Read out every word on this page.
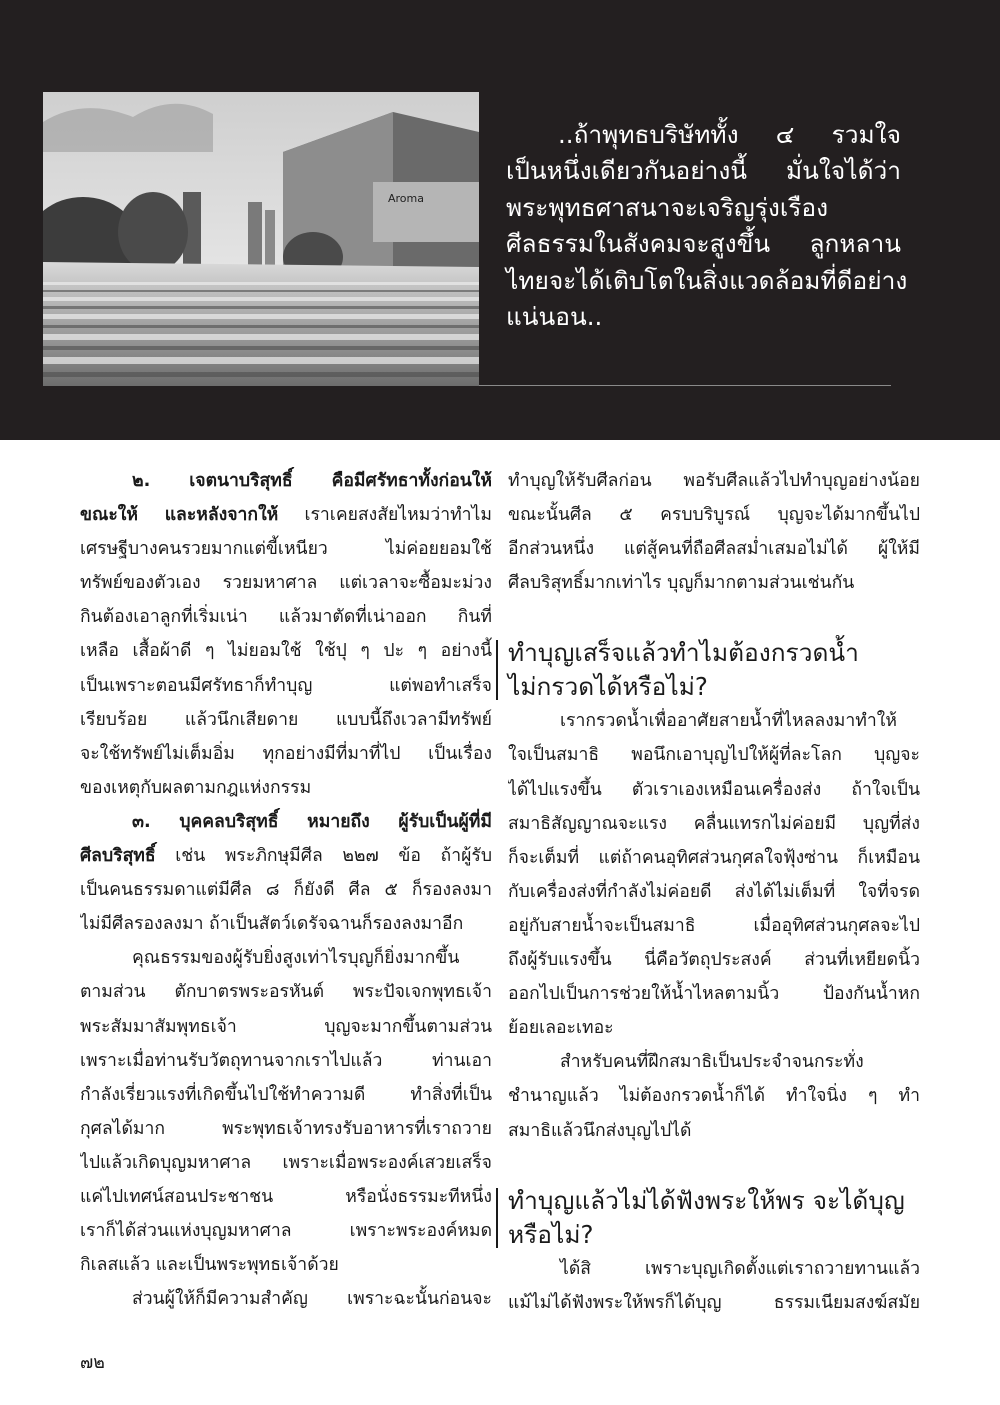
Aroma

..ถ้าพุทธบริษัททั้ง ๔ รวมใจ
เป็นหนึ่งเดียวกันอย่างนี้ มั่นใจได้ว่า
พระพุทธศาสนาจะเจริญรุ่งเรือง
ศีลธรรมในสังคมจะสูงขึ้น ลูกหลาน
ไทยจะได้เติบโตในสิ่งแวดล้อมที่ดีอย่าง
แน่นอน..

๒. เจตนาบริสุทธิ์ คือมีศรัทธาทั้งก่อนให้
ขณะให้ และหลังจากให้ เราเคยสงสัยไหมว่าทำไม
เศรษฐีบางคนรวยมากแต่ขี้เหนียว ไม่ค่อยยอมใช้
ทรัพย์ของตัวเอง รวยมหาศาล แต่เวลาจะซื้อมะม่วง
กินต้องเอาลูกที่เริ่มเน่า แล้วมาตัดที่เน่าออก กินที่
เหลือ เสื้อผ้าดี ๆ ไม่ยอมใช้ ใช้ปุ ๆ ปะ ๆ อย่างนี้
เป็นเพราะตอนมีศรัทธาก็ทำบุญ แต่พอทำเสร็จ
เรียบร้อย แล้วนึกเสียดาย แบบนี้ถึงเวลามีทรัพย์
จะใช้ทรัพย์ไม่เต็มอิ่ม ทุกอย่างมีที่มาที่ไป เป็นเรื่อง
ของเหตุกับผลตามกฎแห่งกรรม
๓. บุคคลบริสุทธิ์ หมายถึง ผู้รับเป็นผู้ที่มี
ศีลบริสุทธิ์ เช่น พระภิกษุมีศีล ๒๒๗ ข้อ ถ้าผู้รับ
เป็นคนธรรมดาแต่มีศีล ๘ ก็ยังดี ศีล ๕ ก็รองลงมา
ไม่มีศีลรองลงมา ถ้าเป็นสัตว์เดรัจฉานก็รองลงมาอีก
คุณธรรมของผู้รับยิ่งสูงเท่าไรบุญก็ยิ่งมากขึ้น
ตามส่วน ตักบาตรพระอรหันต์ พระปัจเจกพุทธเจ้า
พระสัมมาสัมพุทธเจ้า บุญจะมากขึ้นตามส่วน
เพราะเมื่อท่านรับวัตถุทานจากเราไปแล้ว ท่านเอา
กำลังเรี่ยวแรงที่เกิดขึ้นไปใช้ทำความดี ทำสิ่งที่เป็น
กุศลได้มาก พระพุทธเจ้าทรงรับอาหารที่เราถวาย
ไปแล้วเกิดบุญมหาศาล เพราะเมื่อพระองค์เสวยเสร็จ
แค่ไปเทศน์สอนประชาชน หรือนั่งธรรมะทีหนึ่ง
เราก็ได้ส่วนแห่งบุญมหาศาล เพราะพระองค์หมด
กิเลสแล้ว และเป็นพระพุทธเจ้าด้วย
ส่วนผู้ให้ก็มีความสำคัญ เพราะฉะนั้นก่อนจะ
ทำบุญให้รับศีลก่อน พอรับศีลแล้วไปทำบุญอย่างน้อย
ขณะนั้นศีล ๕ ครบบริบูรณ์ บุญจะได้มากขึ้นไป
อีกส่วนหนึ่ง แต่สู้คนที่ถือศีลสม่ำเสมอไม่ได้ ผู้ให้มี
ศีลบริสุทธิ์มากเท่าไร บุญก็มากตามส่วนเช่นกัน
ทำบุญเสร็จแล้วทำไมต้องกรวดน้ำ
ไม่กรวดได้หรือไม่?
เรากรวดน้ำเพื่ออาศัยสายน้ำที่ไหลลงมาทำให้
ใจเป็นสมาธิ พอนึกเอาบุญไปให้ผู้ที่ละโลก บุญจะ
ได้ไปแรงขึ้น ตัวเราเองเหมือนเครื่องส่ง ถ้าใจเป็น
สมาธิสัญญาณจะแรง คลื่นแทรกไม่ค่อยมี บุญที่ส่ง
ก็จะเต็มที่ แต่ถ้าคนอุทิศส่วนกุศลใจฟุ้งซ่าน ก็เหมือน
กับเครื่องส่งที่กำลังไม่ค่อยดี ส่งได้ไม่เต็มที่ ใจที่จรด
อยู่กับสายน้ำจะเป็นสมาธิ เมื่ออุทิศส่วนกุศลจะไป
ถึงผู้รับแรงขึ้น นี่คือวัตถุประสงค์ ส่วนที่เหยียดนิ้ว
ออกไปเป็นการช่วยให้น้ำไหลตามนิ้ว ป้องกันน้ำหก
ย้อยเลอะเทอะ
สำหรับคนที่ฝึกสมาธิเป็นประจำจนกระทั่ง
ชำนาญแล้ว ไม่ต้องกรวดน้ำก็ได้ ทำใจนิ่ง ๆ ทำ
สมาธิแล้วนึกส่งบุญไปได้
ทำบุญแล้วไม่ได้ฟังพระให้พร จะได้บุญ
หรือไม่?
ได้สิ เพราะบุญเกิดตั้งแต่เราถวายทานแล้ว
แม้ไม่ได้ฟังพระให้พรก็ได้บุญ ธรรมเนียมสงฆ์สมัย
๗๒
